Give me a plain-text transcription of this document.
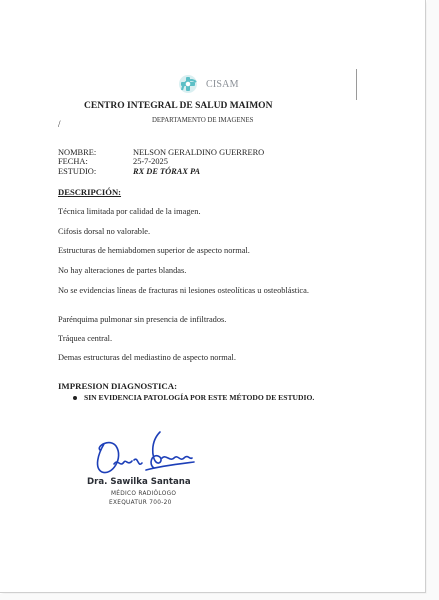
CISAM
CENTRO INTEGRAL DE SALUD MAIMON
DEPARTAMENTO DE IMAGENES
/
NOMBRE:	NELSON GERALDINO GUERRERO
FECHA:	25-7-2025
ESTUDIO:	RX DE TÓRAX PA
DESCRIPCIÓN:
Técnica limitada por calidad de la imagen.
Cifosis dorsal no valorable.
Estructuras de hemiabdomen superior de aspecto normal.
No hay alteraciones de partes blandas.
No se evidencias líneas de fracturas ni lesiones osteolíticas u osteoblástica.
Parénquima pulmonar sin presencia de infiltrados.
Tráquea central.
Demas estructuras del mediastino de aspecto normal.
IMPRESION DIAGNOSTICA:
SIN EVIDENCIA PATOLOGÍA POR ESTE MÉTODO DE ESTUDIO.
Dra. Sawilka Santana
MÉDICO RADIÓLOGO
EXEQUATUR 700-20
